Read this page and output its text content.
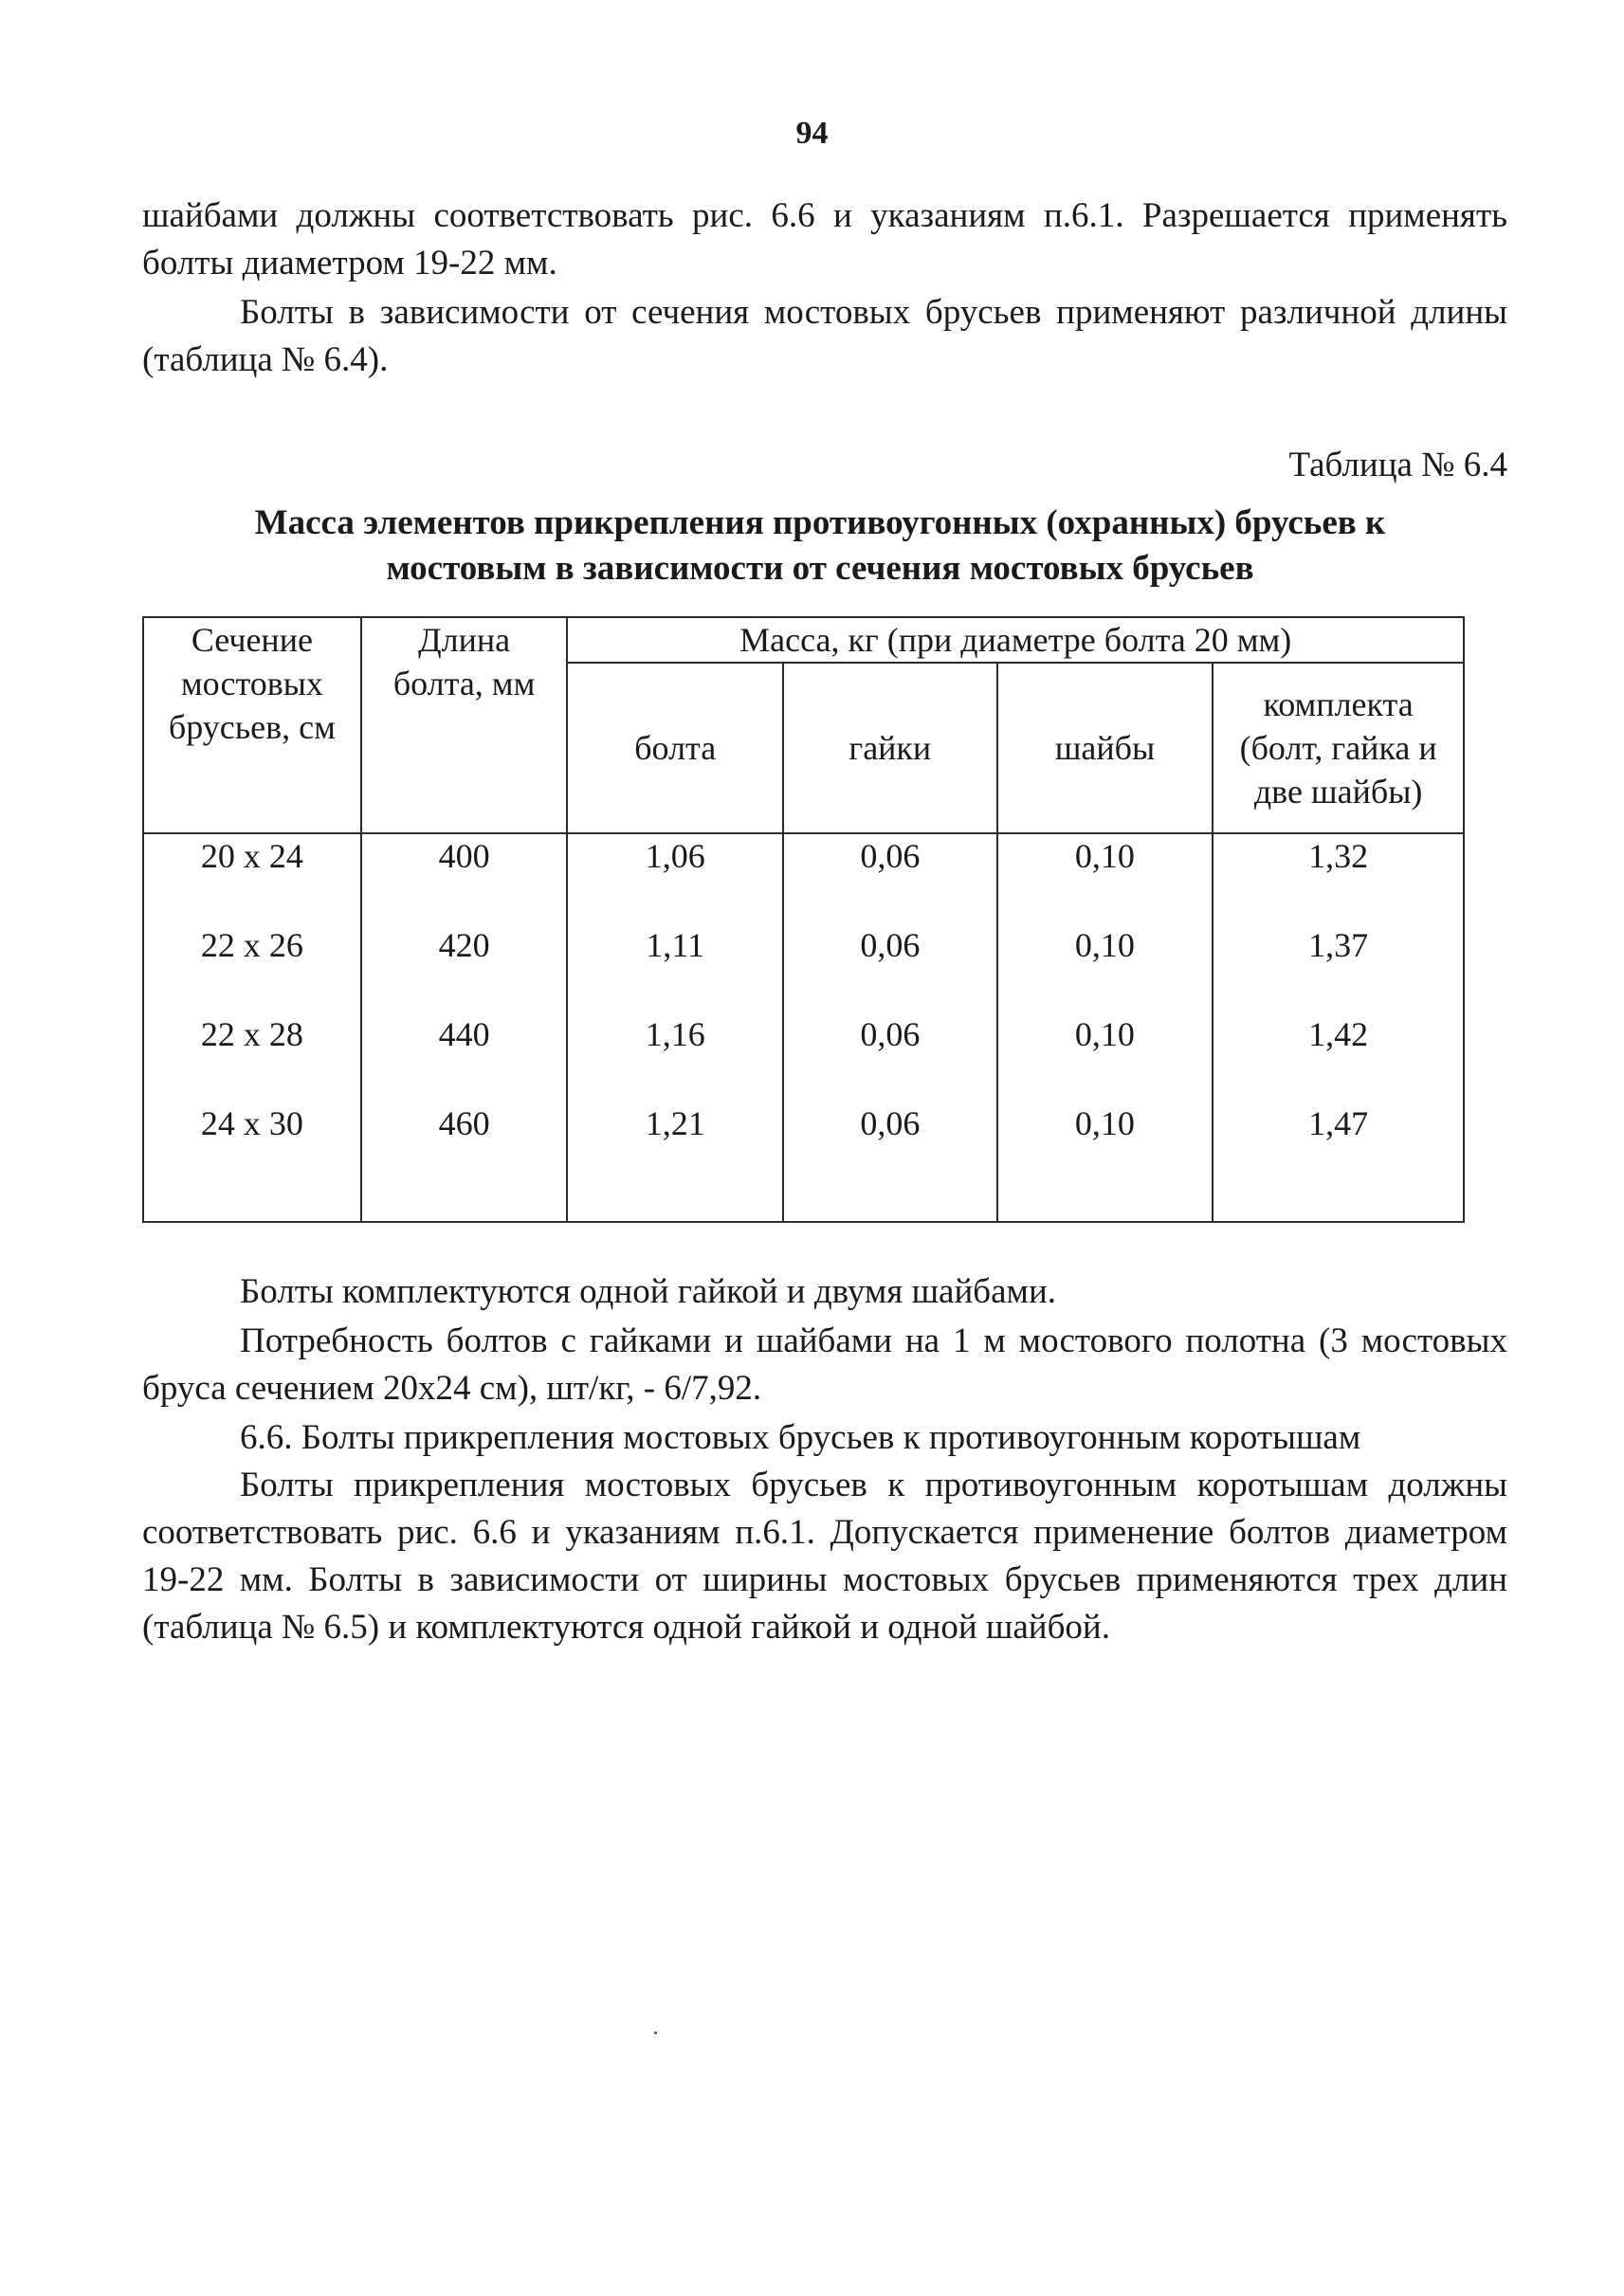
94

шайбами должны соответствовать рис. 6.6 и указаниям п.6.1. Разрешается применять болты диаметром 19-22 мм.

Болты в зависимости от сечения мостовых брусьев применяют различной длины (таблица № 6.4).

Таблица № 6.4
Масса элементов прикрепления противоугонных (охранных) брусьев к
мостовым в зависимости от сечения мостовых брусьев
Сечение мостовых брусьев, см	Длина болта, мм	Масса, кг (при диаметре болта 20 мм)			
		болта	гайки	шайбы	комплекта (болт, гайка и две шайбы)
20 х 24	400	1,06	0,06	0,10	1,32
22 х 26	420	1,11	0,06	0,10	1,37
22 х 28	440	1,16	0,06	0,10	1,42
24 х 30	460	1,21	0,06	0,10	1,47

Болты комплектуются одной гайкой и двумя шайбами.

Потребность болтов с гайками и шайбами на 1 м мостового полотна (3 мостовых бруса сечением 20х24 см), шт/кг, - 6/7,92.

6.6. Болты прикрепления мостовых брусьев к противоугонным коротышам

Болты прикрепления мостовых брусьев к противоугонным коротышам должны соответствовать рис. 6.6 и указаниям п.6.1. Допускается применение болтов диаметром 19-22 мм. Болты в зависимости от ширины мостовых брусьев применяются трех длин (таблица № 6.5) и комплектуются одной гайкой и одной шайбой.
